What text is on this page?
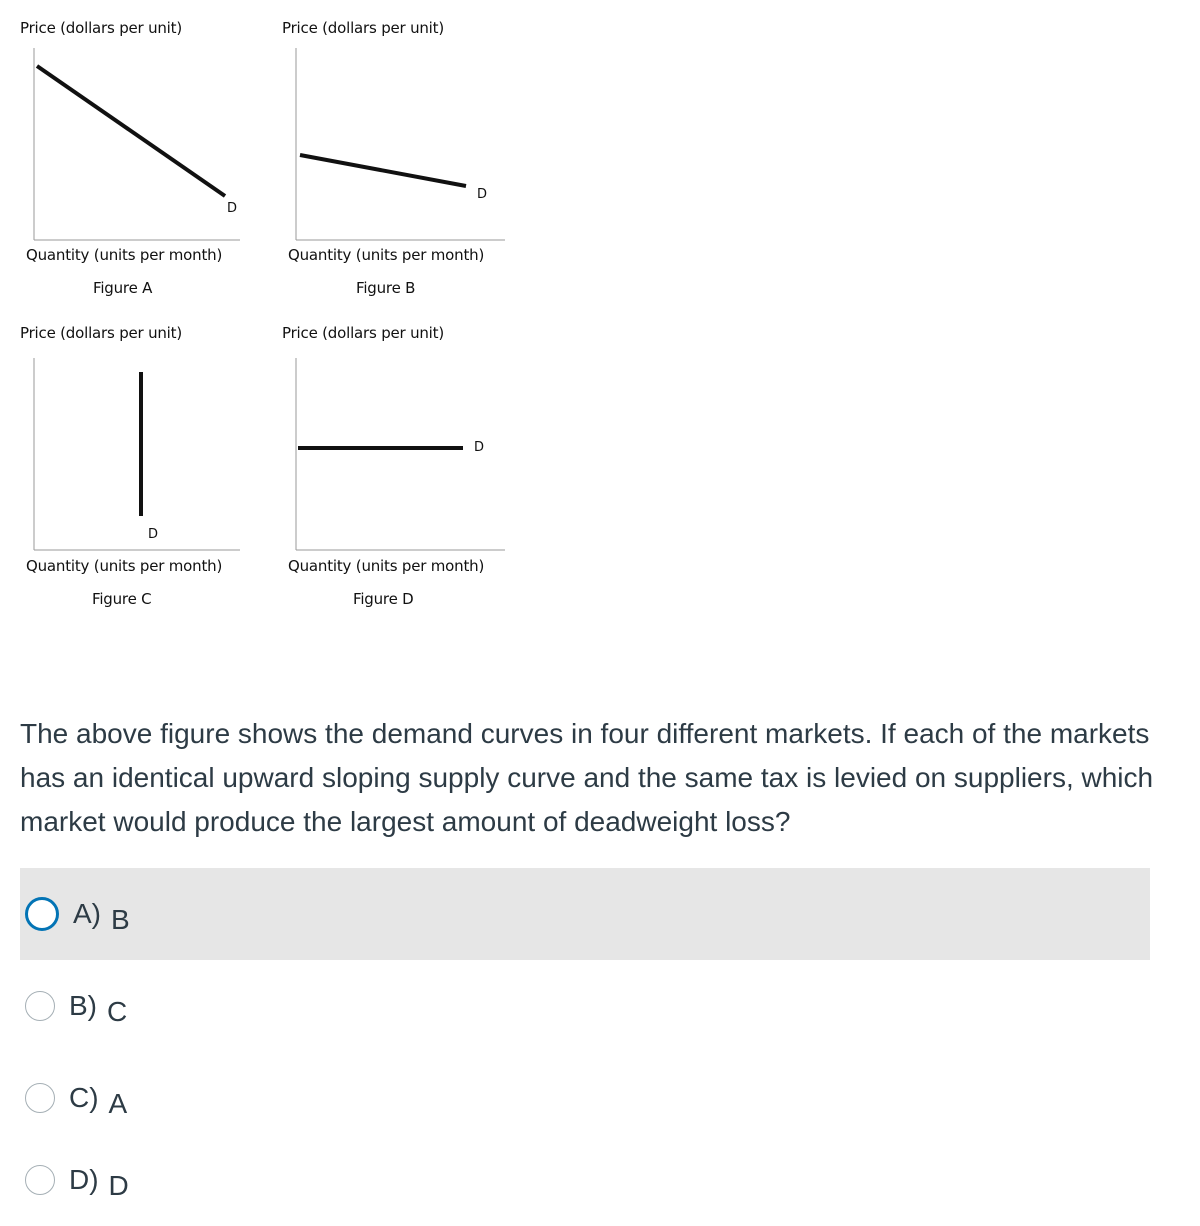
Price (dollars per unit)
D
Quantity (units per month)
Figure A
Price (dollars per unit)
D
Quantity (units per month)
Figure B
Price (dollars per unit)
D
Quantity (units per month)
Figure C
Price (dollars per unit)
D
Quantity (units per month)
Figure D
The above figure shows the demand curves in four different markets. If each of the markets has an identical upward sloping supply curve and the same tax is levied on suppliers, which market would produce the largest amount of deadweight loss?
A) B
B) C
C) A
D) D
